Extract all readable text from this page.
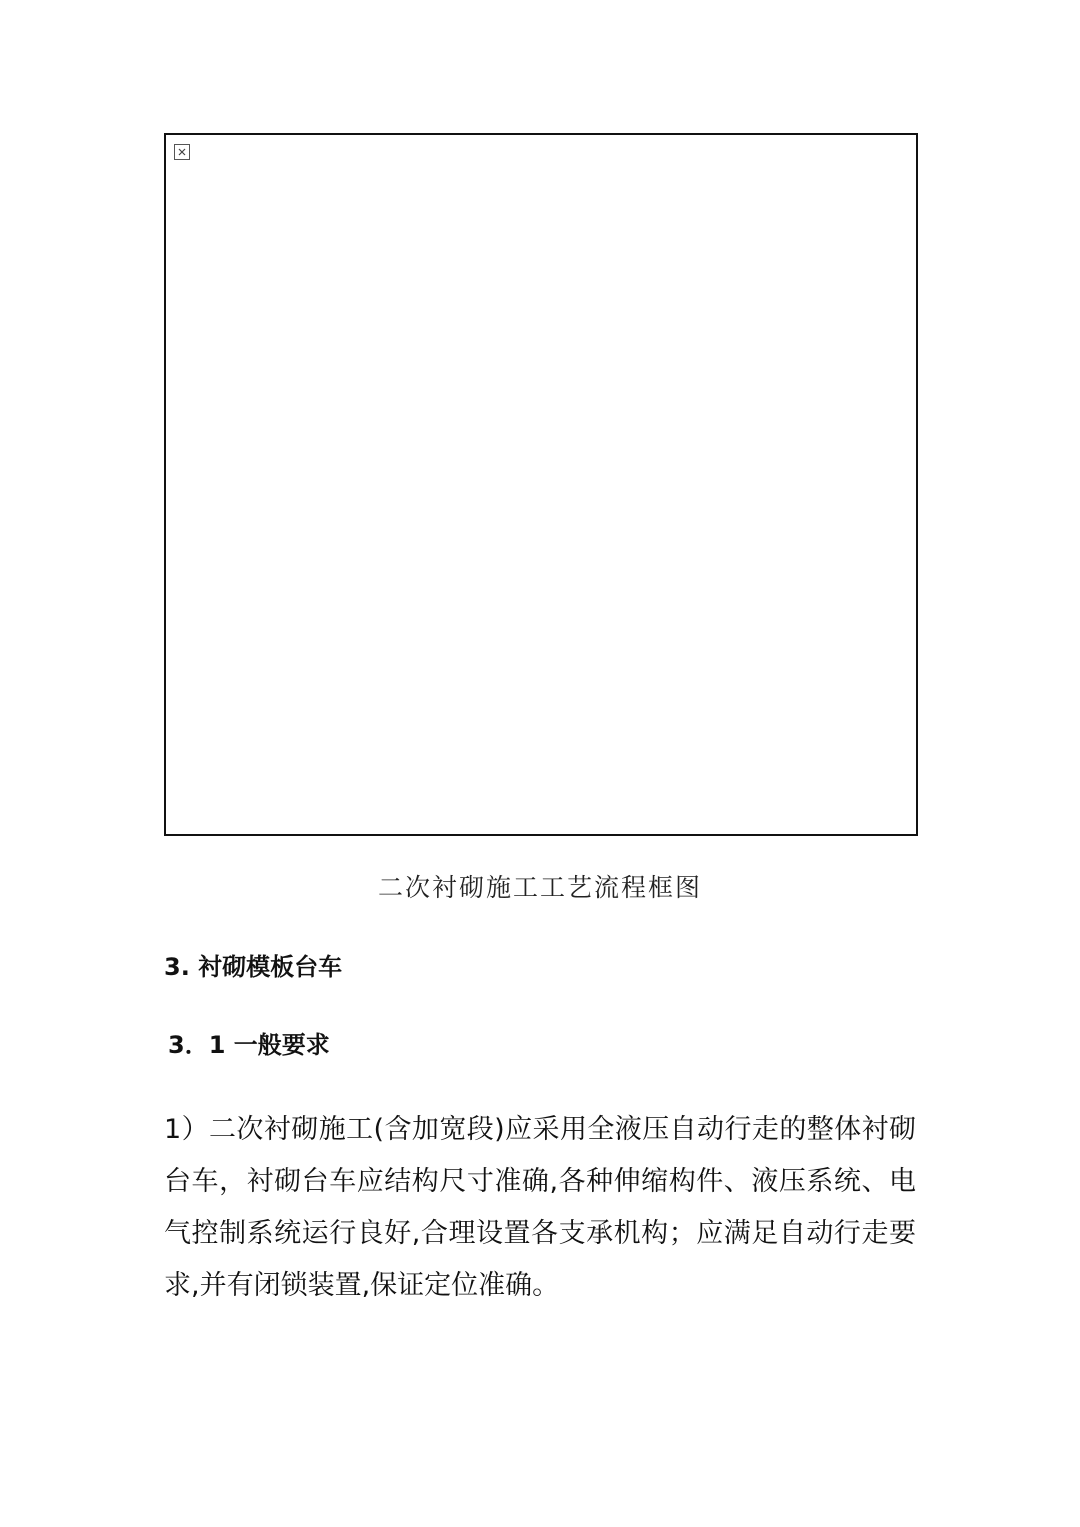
二次衬砌施工工艺流程框图
3. 衬砌模板台车
3．1 一般要求

1）二次衬砌施工(含加宽段)应采用全液压自动行走的整体衬砌台车，衬砌台车应结构尺寸准确,各种伸缩构件、液压系统、电气控制系统运行良好,合理设置各支承机构；应满足自动行走要求,并有闭锁装置,保证定位准确。
